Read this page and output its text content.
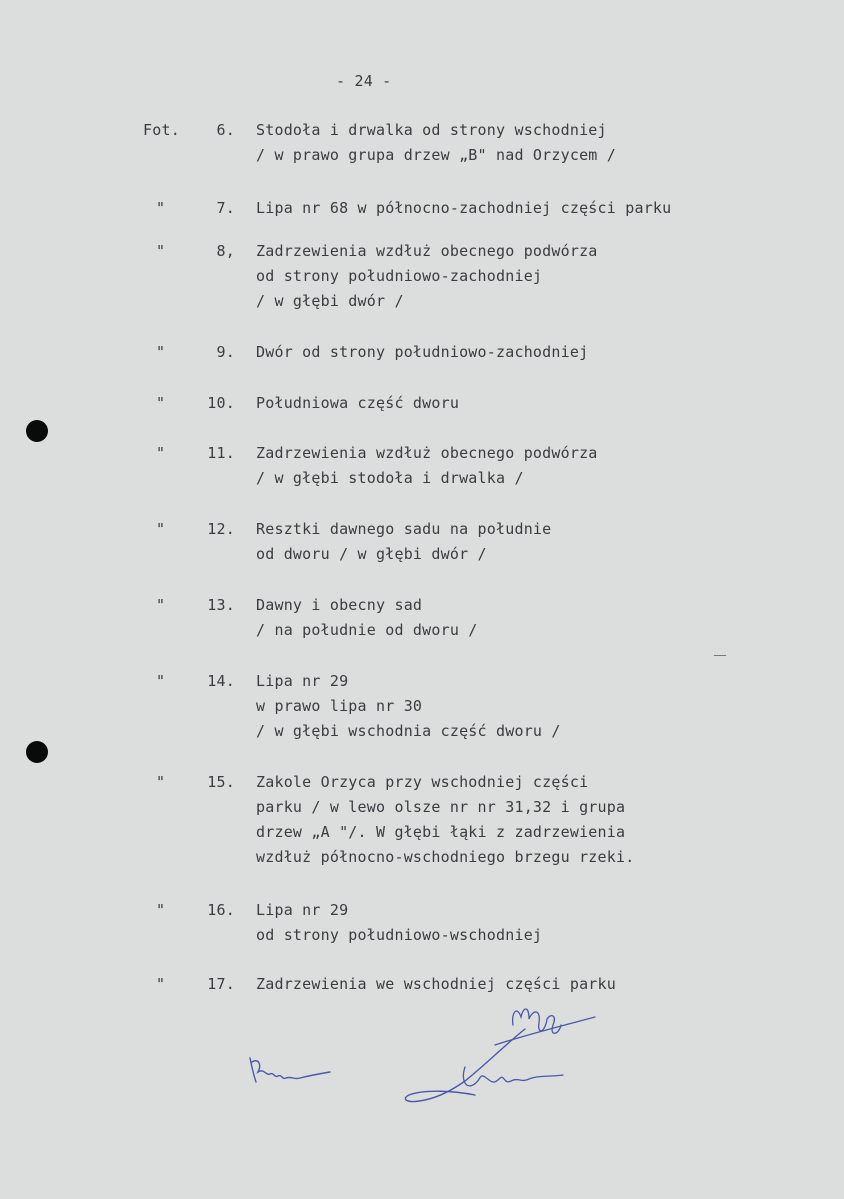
- 24 -
Fot.	6. Stodoła i drwalka od strony wschodniej
/ w prawo grupa drzew „B" nad Orzycem /
"	7. Lipa nr 68 w północno-zachodniej części parku
"	8, Zadrzewienia wzdłuż obecnego podwórza
od strony południowo-zachodniej
/ w głębi dwór /
"	9. Dwór od strony południowo-zachodniej
"	10. Południowa część dworu
"	11. Zadrzewienia wzdłuż obecnego podwórza
/ w głębi stodoła i drwalka /
"	12. Resztki dawnego sadu na południe
od dworu / w głębi dwór /
"	13. Dawny i obecny sad
/ na południe od dworu /
"	14. Lipa nr 29
w prawo lipa nr 30
/ w głębi wschodnia część dworu /
"	15. Zakole Orzyca przy wschodniej części
parku / w lewo olsze nr nr 31,32 i grupa
drzew „A "/. W głębi łąki z zadrzewienia
wzdłuż północno-wschodniego brzegu rzeki.
"	16. Lipa nr 29
od strony południowo-wschodniej
"	17. Zadrzewienia we wschodniej części parku
